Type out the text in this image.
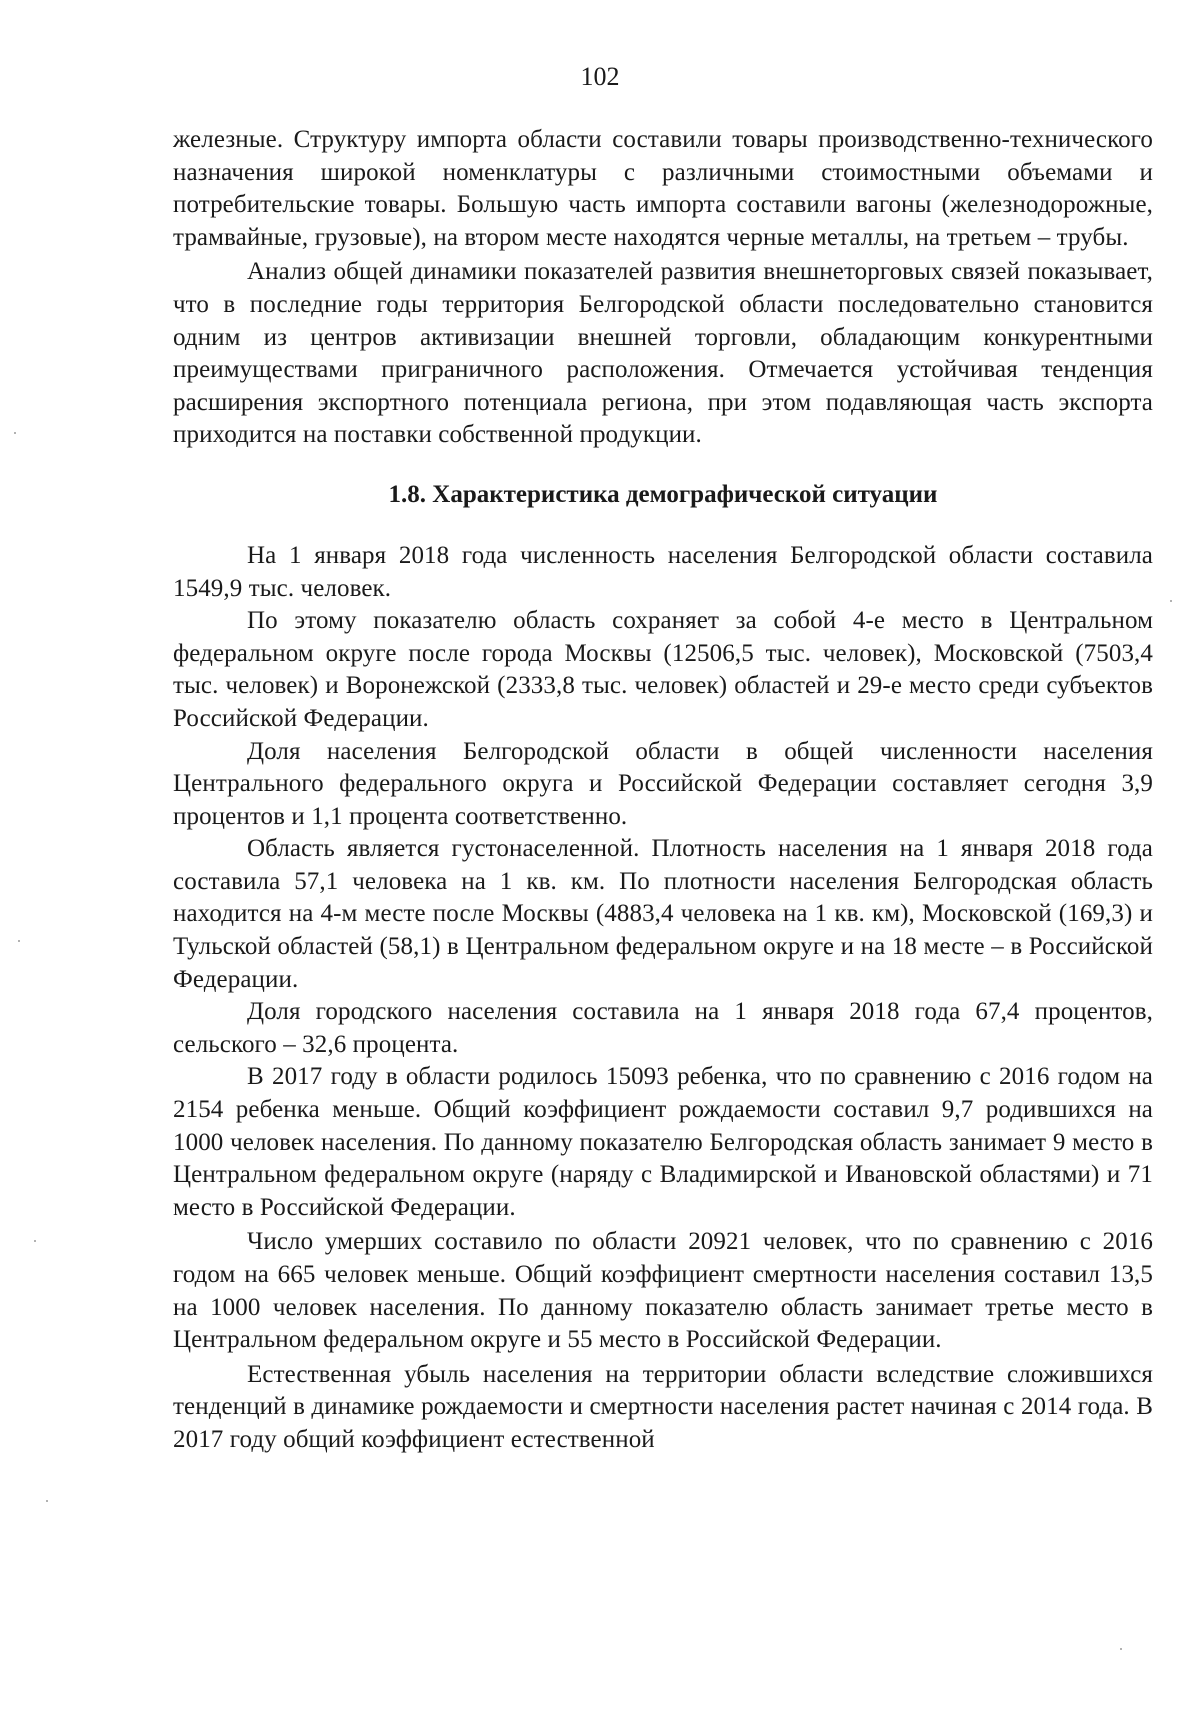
102

железные. Структуру импорта области составили товары производственно-технического назначения широкой номенклатуры с различными стоимостными объемами и потребительские товары. Большую часть импорта составили вагоны (железнодорожные, трамвайные, грузовые), на втором месте находятся черные металлы, на третьем – трубы.

Анализ общей динамики показателей развития внешнеторговых связей показывает, что в последние годы территория Белгородской области последовательно становится одним из центров активизации внешней торговли, обладающим конкурентными преимуществами приграничного расположения. Отмечается устойчивая тенденция расширения экспортного потенциала региона, при этом подавляющая часть экспорта приходится на поставки собственной продукции.

1.8. Характеристика демографической ситуации

На 1 января 2018 года численность населения Белгородской области составила 1549,9 тыс. человек.

По этому показателю область сохраняет за собой 4-е место в Центральном федеральном округе после города Москвы (12506,5 тыс. человек), Московской (7503,4 тыс. человек) и Воронежской (2333,8 тыс. человек) областей и 29-е место среди субъектов Российской Федерации.

Доля населения Белгородской области в общей численности населения Центрального федерального округа и Российской Федерации составляет сегодня 3,9 процентов и 1,1 процента соответственно.

Область является густонаселенной. Плотность населения на 1 января 2018 года составила 57,1 человека на 1 кв. км. По плотности населения Белгородская область находится на 4-м месте после Москвы (4883,4 человека на 1 кв. км), Московской (169,3) и Тульской областей (58,1) в Центральном федеральном округе и на 18 месте – в Российской Федерации.

Доля городского населения составила на 1 января 2018 года 67,4 процентов, сельского – 32,6 процента.

В 2017 году в области родилось 15093 ребенка, что по сравнению с 2016 годом на 2154 ребенка меньше. Общий коэффициент рождаемости составил 9,7 родившихся на 1000 человек населения. По данному показателю Белгородская область занимает 9 место в Центральном федеральном округе (наряду с Владимирской и Ивановской областями) и 71 место в Российской Федерации.

Число умерших составило по области 20921 человек, что по сравнению с 2016 годом на 665 человек меньше. Общий коэффициент смертности населения составил 13,5 на 1000 человек населения. По данному показателю область занимает третье место в Центральном федеральном округе и 55 место в Российской Федерации.

Естественная убыль населения на территории области вследствие сложившихся тенденций в динамике рождаемости и смертности населения растет начиная с 2014 года. В 2017 году общий коэффициент естественной
